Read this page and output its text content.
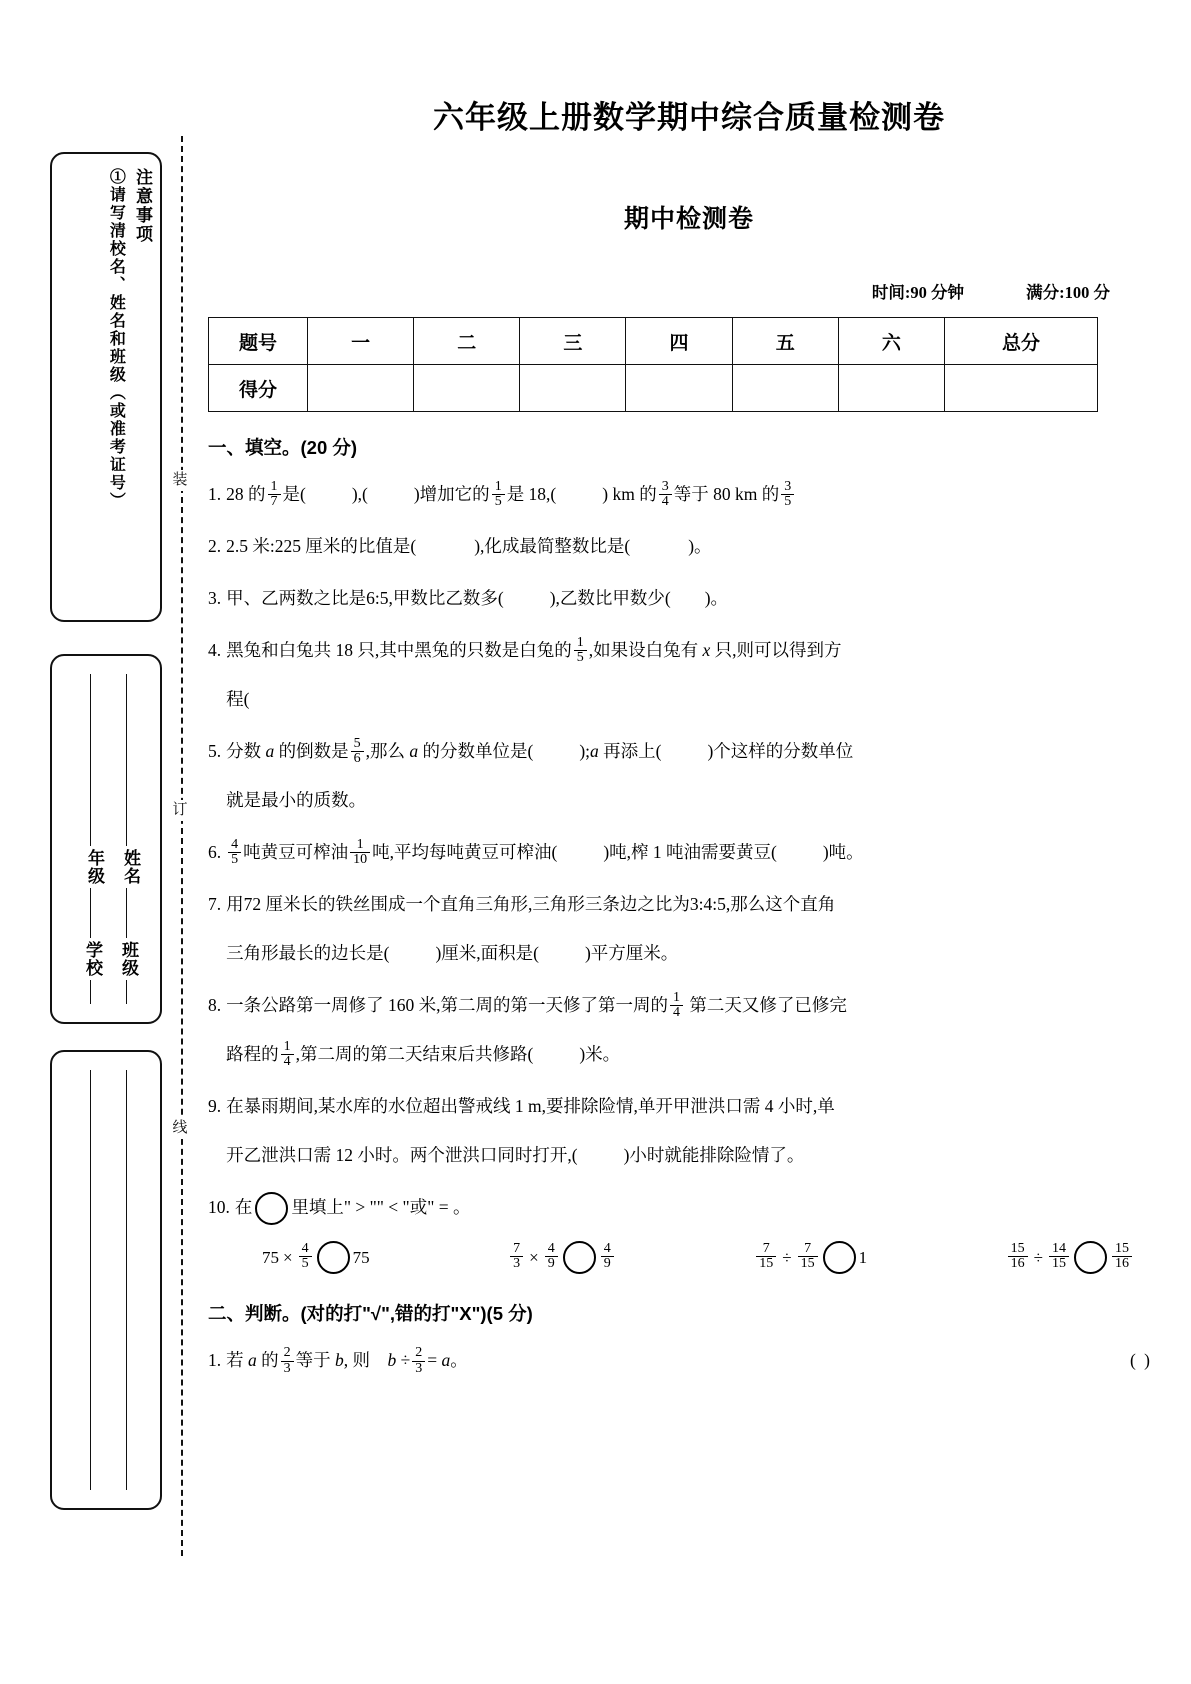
装
订
线
注意事项
①请写清校名、姓名和班级（或准考证号）
年级 姓名
学校 班级
六年级上册数学期中综合质量检测卷
期中检测卷
时间:90 分钟	满分:100 分
题号	一	二	三	四	五	六	总分
得分							
一、填空。(20 分)
1. 28 的 $\frac{1}{7}$ 是(	),(	)增加它的 $\frac{1}{5}$ 是 18,(	) km 的 $\frac{3}{4}$ 等于 80 km 的 $\frac{3}{5}$
2. 2.5 米:225 厘米的比值是(	),化成最简整数比是(	)。
3. 甲、乙两数之比是6:5,甲数比乙数多(	),乙数比甲数少( )。
4. 黑兔和白兔共 18 只,其中黑兔的只数是白兔的 $\frac{1}{5}$ ,如果设白兔有 x 只,则可以得到方
程(
5. 分数 a 的倒数是 $\frac{5}{6}$ ,那么 a 的分数单位是(	);a 再添上(	)个这样的分数单位
就是最小的质数。
6. $\frac{4}{5}$ 吨黄豆可榨油 $\frac{1}{10}$ 吨,平均每吨黄豆可榨油(	)吨,榨 1 吨油需要黄豆(	)吨。
7. 用72 厘米长的铁丝围成一个直角三角形,三角形三条边之比为3:4:5,那么这个直角
三角形最长的边长是(	)厘米,面积是(	)平方厘米。
8. 一条公路第一周修了 160 米,第二周的第一天修了第一周的 $\frac{1}{4}$ 第二天又修了已修完
路程的 $\frac{1}{4}$ ,第二周的第二天结束后共修路(	)米。
9. 在暴雨期间,某水库的水位超出警戒线 1 m,要排除险情,单开甲泄洪口需 4 小时,单
开乙泄洪口需 12 小时。两个泄洪口同时打开,(	)小时就能排除险情了。
10. 在 里填上" > "" < "或" = 。
$75 \times \frac{4}{5} 75$	$\frac{7}{3} \times \frac{4}{9}$	$\frac{4}{9}$	$\frac{7}{15} \div \frac{7}{15} 1$	$\frac{15}{16} \div \frac{14}{15}$	$\frac{15}{16}$
二、判断。(对的打"√",错的打"X")(5 分)
1. 若 a 的 $\frac{2}{3}$ 等于 b, 则    $b \div \frac{2}{3} = a$。	( )
